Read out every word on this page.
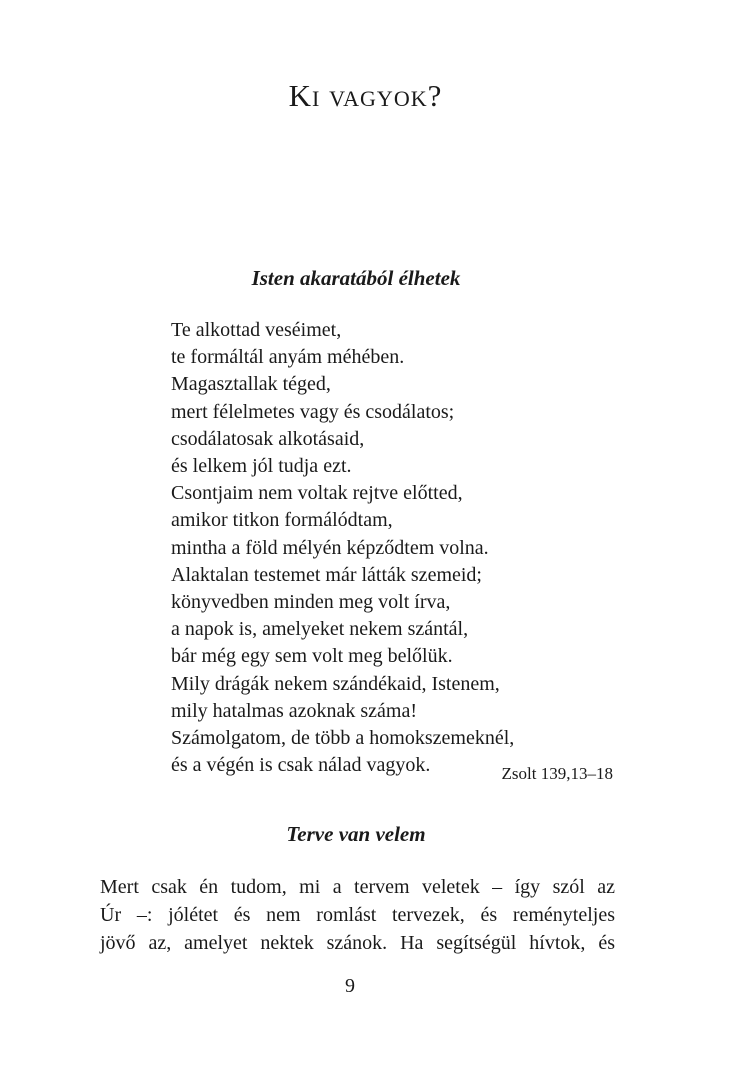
Ki vagyok?
Isten akaratából élhetek
Te alkottad veséimet,
te formáltál anyám méhében.
Magasztallak téged,
mert félelmetes vagy és csodálatos;
csodálatosak alkotásaid,
és lelkem jól tudja ezt.
Csontjaim nem voltak rejtve előtted,
amikor titkon formálódtam,
mintha a föld mélyén képződtem volna.
Alaktalan testemet már látták szemeid;
könyvedben minden meg volt írva,
a napok is, amelyeket nekem szántál,
bár még egy sem volt meg belőlük.
Mily drágák nekem szándékaid, Istenem,
mily hatalmas azoknak száma!
Számolgatom, de több a homokszemeknél,
és a végén is csak nálad vagyok.	Zsolt 139,13–18
Terve van velem

Mert csak én tudom, mi a tervem veletek – így szól az
Úr –: jólétet és nem romlást tervezek, és reményteljes
jövő az, amelyet nektek szánok. Ha segítségül hívtok, és

9
